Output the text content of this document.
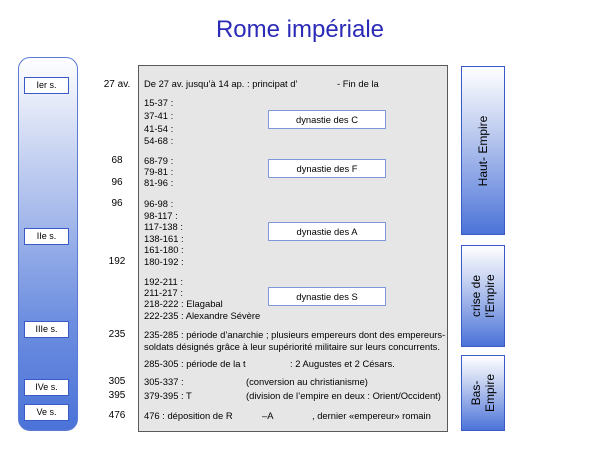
Rome impériale
Ier s.
IIe s.
IIIe s.
IVe s.
Ve s.
27 av.
68
96
96
192
235
305
395
476
De 27 av. jusqu’à 14 ap. : principat d’	- Fin de la
15-37 :
37-41 :
41-54 :
54-68 :
68-79 :
79-81 :
81-96 :
96-98 :
98-117 :
117-138 :
138-161 :
161-180 :
180-192 :
192-211 :
211-217 :
218-222 : Elagabal
222-235 : Alexandre Sévère
235-285 : période d’anarchie ; plusieurs empereurs dont des empereurs-
soldats désignés grâce à leur supériorité militaire sur leurs concurrents.
285-305 : période de la t	: 2 Augustes et 2 Césars.
305-337 :	(conversion au christianisme)
379-395 : T	(division de l’empire en deux : Orient/Occident)
476 : déposition de R	–A	, dernier «empereur» romain
dynastie des C
dynastie des F
dynastie des A
dynastie des S
Haut- Empire
crise de l’Empire
Bas- Empire
